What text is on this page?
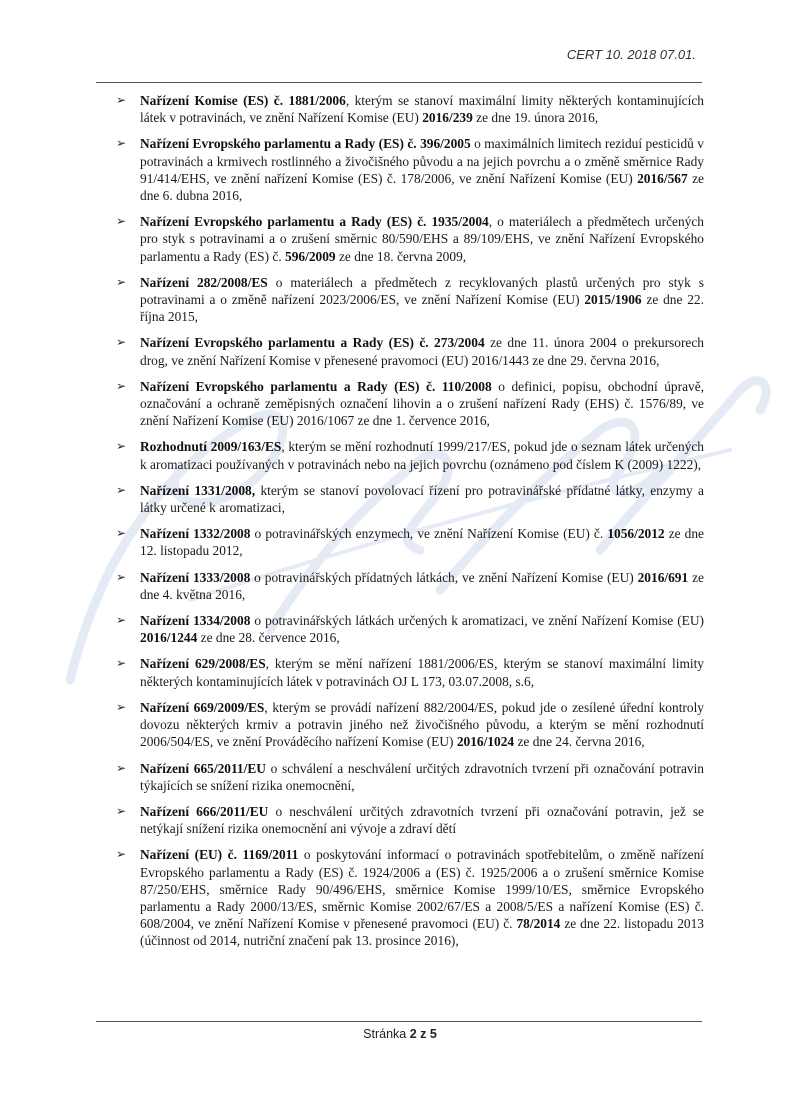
CERT 10. 2018 07.01.
➢ Nařízení Komise (ES) č. 1881/2006, kterým se stanoví maximální limity některých kontaminujících látek v potravinách, ve znění Nařízení Komise (EU) 2016/239 ze dne 19. února 2016,
➢ Nařízení Evropského parlamentu a Rady (ES) č. 396/2005 o maximálních limitech reziduí pesticidů v potravinách a krmivech rostlinného a živočišného původu a na jejich povrchu a o změně směrnice Rady 91/414/EHS, ve znění nařízení Komise (ES) č. 178/2006, ve znění Nařízení Komise (EU) 2016/567 ze dne 6. dubna 2016,
➢ Nařízení Evropského parlamentu a Rady (ES) č. 1935/2004, o materiálech a předmětech určených pro styk s potravinami a o zrušení směrnic 80/590/EHS a 89/109/EHS, ve znění Nařízení Evropského parlamentu a Rady (ES) č. 596/2009 ze dne 18. června 2009,
➢ Nařízení 282/2008/ES o materiálech a předmětech z recyklovaných plastů určených pro styk s potravinami a o změně nařízení 2023/2006/ES, ve znění Nařízení Komise (EU) 2015/1906 ze dne 22. října 2015,
➢ Nařízení Evropského parlamentu a Rady (ES) č. 273/2004 ze dne 11. února 2004 o prekursorech drog, ve znění Nařízení Komise v přenesené pravomoci (EU) 2016/1443 ze dne 29. června 2016,
➢ Nařízení Evropského parlamentu a Rady (ES) č. 110/2008 o definici, popisu, obchodní úpravě, označování a ochraně zeměpisných označení lihovin a o zrušení nařízení Rady (EHS) č. 1576/89, ve znění Nařízení Komise (EU) 2016/1067 ze dne 1. července 2016,
➢ Rozhodnutí 2009/163/ES, kterým se mění rozhodnutí 1999/217/ES, pokud jde o seznam látek určených k aromatizaci používaných v potravinách nebo na jejich povrchu (oznámeno pod číslem K (2009) 1222),
➢ Nařízení 1331/2008, kterým se stanoví povolovací řízení pro potravinářské přídatné látky, enzymy a látky určené k aromatizaci,
➢ Nařízení 1332/2008 o potravinářských enzymech, ve znění Nařízení Komise (EU) č. 1056/2012 ze dne 12. listopadu 2012,
➢ Nařízení 1333/2008 o potravinářských přídatných látkách, ve znění Nařízení Komise (EU) 2016/691 ze dne 4. května 2016,
➢ Nařízení 1334/2008 o potravinářských látkách určených k aromatizaci, ve znění Nařízení Komise (EU) 2016/1244 ze dne 28. července 2016,
➢ Nařízení 629/2008/ES, kterým se mění nařízení 1881/2006/ES, kterým se stanoví maximální limity některých kontaminujících látek v potravinách OJ L 173, 03.07.2008, s.6,
➢ Nařízení 669/2009/ES, kterým se provádí nařízení 882/2004/ES, pokud jde o zesílené úřední kontroly dovozu některých krmiv a potravin jiného než živočišného původu, a kterým se mění rozhodnutí 2006/504/ES, ve znění Prováděcího nařízení Komise (EU) 2016/1024 ze dne 24. června 2016,
➢ Nařízení 665/2011/EU o schválení a neschválení určitých zdravotních tvrzení při označování potravin týkajících se snížení rizika onemocnění,
➢ Nařízení 666/2011/EU o neschválení určitých zdravotních tvrzení při označování potravin, jež se netýkají snížení rizika onemocnění ani vývoje a zdraví dětí
➢ Nařízení (EU) č. 1169/2011 o poskytování informací o potravinách spotřebitelům, o změně nařízení Evropského parlamentu a Rady (ES) č. 1924/2006 a (ES) č. 1925/2006 a o zrušení směrnice Komise 87/250/EHS, směrnice Rady 90/496/EHS, směrnice Komise 1999/10/ES, směrnice Evropského parlamentu a Rady 2000/13/ES, směrnic Komise 2002/67/ES a 2008/5/ES a nařízení Komise (ES) č. 608/2004, ve znění Nařízení Komise v přenesené pravomoci (EU) č. 78/2014 ze dne 22. listopadu 2013 (účinnost od 2014, nutriční značení pak 13. prosince 2016),
Stránka 2 z 5
